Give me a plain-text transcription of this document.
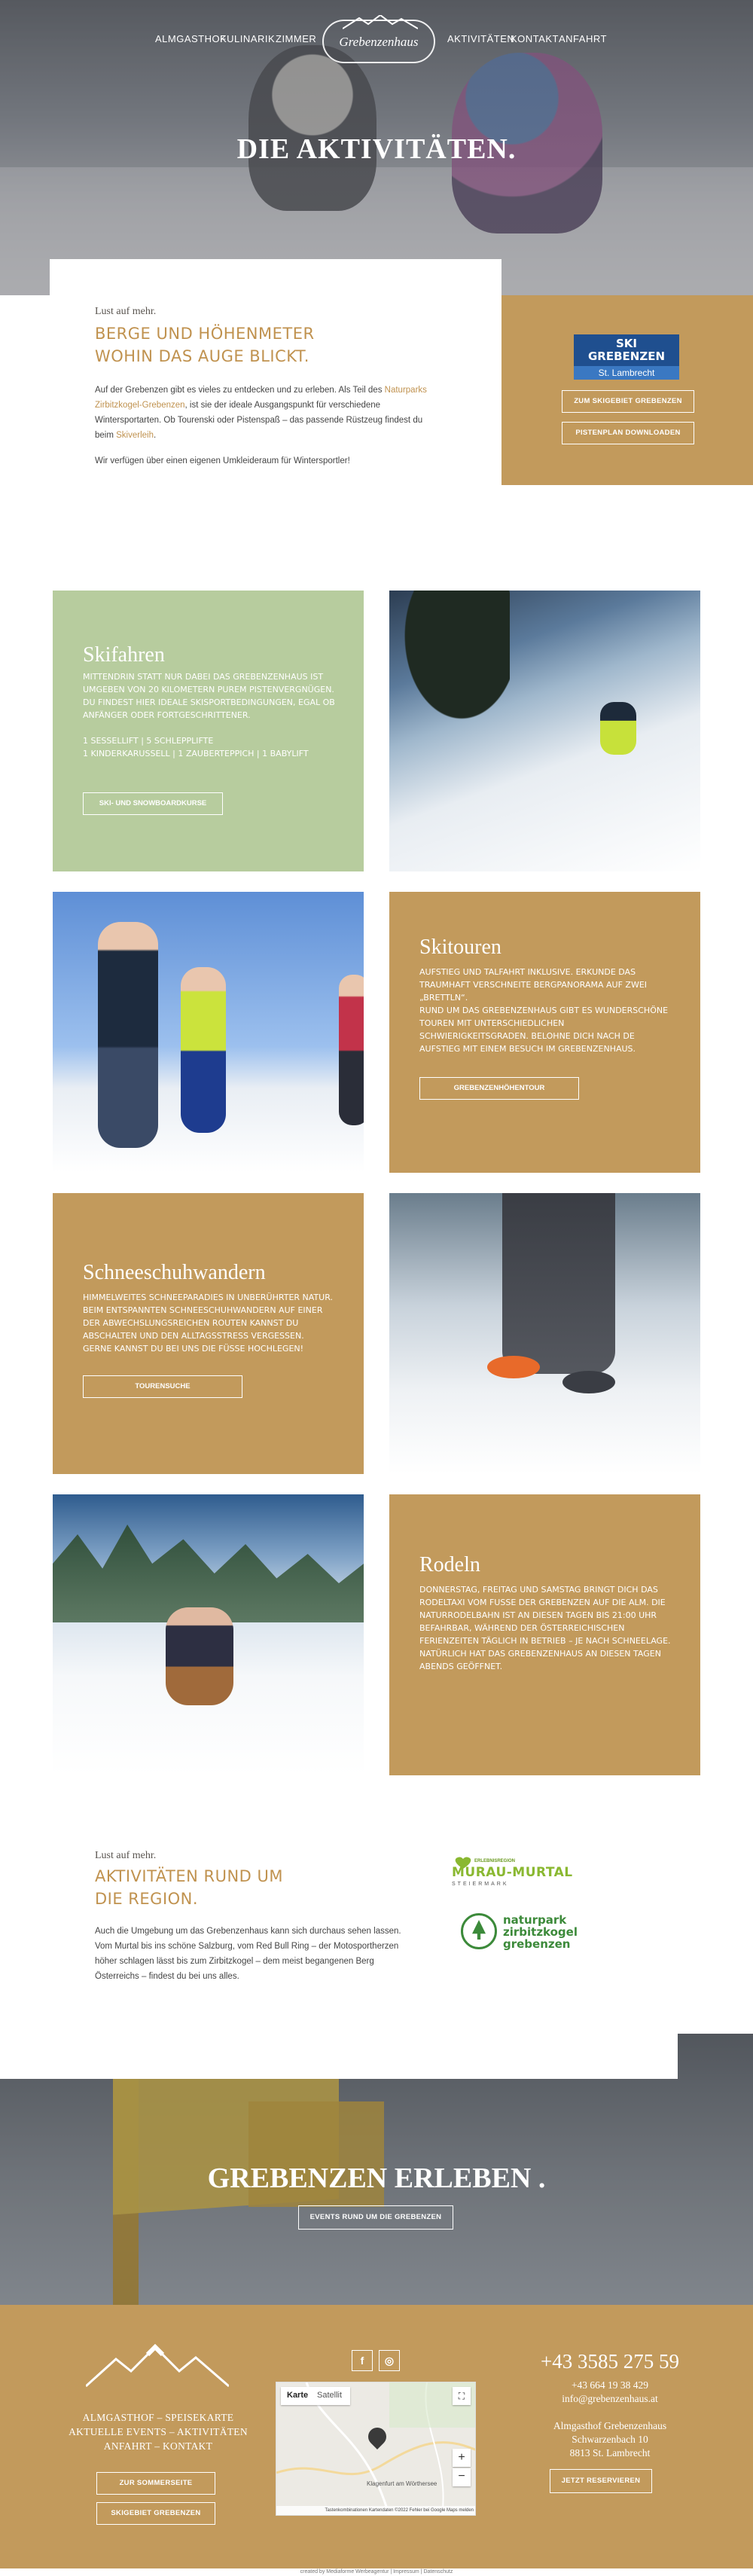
ALMGASTHOF
KULINARIK ZIMMER	AKTIVITÄTEN
KONTAKT ANFAHRT
Grebenzenhaus
DIE AKTIVITÄTEN.
Lust auf mehr.
BERGE UND HÖHENMETER
WOHIN DAS AUGE BLICKT.

Auf der Grebenzen gibt es vieles zu entdecken und zu erleben. Als Teil des Naturparks Zirbitzkogel-Grebenzen, ist sie der ideale Ausgangspunkt für verschiedene Wintersportarten. Ob Tourenski oder Pistenspaß – das passende Rüstzeug findest du beim Skiverleih.

Wir verfügen über einen eigenen Umkleideraum für Wintersportler!

SKI
GREBENZEN
St. Lambrecht
ZUM SKIGEBIET GREBENZEN
PISTENPLAN DOWNLOADEN
Skifahren
MITTENDRIN STATT NUR DABEI DAS GREBENZENHAUS IST UMGEBEN VON 20 KILOMETERN PUREM PISTENVERGNÜGEN. DU FINDEST HIER IDEALE SKISPORTBEDINGUNGEN, EGAL OB ANFÄNGER ODER FORTGESCHRITTENER.
1 SESSELLIFT | 5 SCHLEPPLIFTE
1 KINDERKARUSSELL | 1 ZAUBERTEPPICH | 1 BABYLIFT
SKI- UND SNOWBOARDKURSE
Skitouren
AUFSTIEG UND TALFAHRT INKLUSIVE. ERKUNDE DAS TRAUMHAFT VERSCHNEITE BERGPANORAMA AUF ZWEI „BRETTLN“.
RUND UM DAS GREBENZENHAUS GIBT ES WUNDERSCHÖNE TOUREN MIT UNTERSCHIEDLICHEN SCHWIERIGKEITSGRADEN. BELOHNE DICH NACH DE AUFSTIEG MIT EINEM BESUCH IM GREBENZENHAUS.
GREBENZENHÖHENTOUR
Schneeschuhwandern
HIMMELWEITES SCHNEEPARADIES IN UNBERÜHRTER NATUR. BEIM ENTSPANNTEN SCHNEESCHUHWANDERN AUF EINER DER ABWECHSLUNGSREICHEN ROUTEN KANNST DU ABSCHALTEN UND DEN ALLTAGSSTRESS VERGESSEN. GERNE KANNST DU BEI UNS DIE FÜSSE HOCHLEGEN!
TOURENSUCHE
Rodeln
DONNERSTAG, FREITAG UND SAMSTAG BRINGT DICH DAS RODELTAXI VOM FUSSE DER GREBENZEN AUF DIE ALM. DIE NATURRODELBAHN IST AN DIESEN TAGEN BIS 21:00 UHR BEFAHRBAR, WÄHREND DER ÖSTERREICHISCHEN FERIENZEITEN TÄGLICH IN BETRIEB – JE NACH SCHNEELAGE. NATÜRLICH HAT DAS GREBENZENHAUS AN DIESEN TAGEN ABENDS GEÖFFNET.
Lust auf mehr.
AKTIVITÄTEN RUND UM
DIE REGION.

Auch die Umgebung um das Grebenzenhaus kann sich durchaus sehen lassen. Vom Murtal bis ins schöne Salzburg, vom Red Bull Ring – der Motosportherzen höher schlagen lässt bis zum Zirbitzkogel – dem meist begangenen Berg Österreichs – findest du bei uns alles.

ERLEBNISREGION
MURAU-MURTAL
STEIERMARK
naturpark
zirbitzkogel
grebenzen
GREBENZEN ERLEBEN .
EVENTS RUND UM DIE GREBENZEN
ALMGASTHOF – SPEISEKARTE
AKTUELLE EVENTS – AKTIVITÄTEN
ANFAHRT – KONTAKT
ZUR SOMMERSEITE
SKIGEBIET GREBENZEN
f	◎
Karte Satellit	⛶
Klagenfurt am Wörthersee
+
−
Tastenkombinationen Kartendaten ©2022 Fehler bei Google Maps melden
+43 3585 275 59
+43 664 19 38 429
info@grebenzenhaus.at
Almgasthof Grebenzenhaus
Schwarzenbach 10
8813 St. Lambrecht
JETZT RESERVIEREN
created by Mediaforme Werbeagentur | Impressum | Datenschutz
